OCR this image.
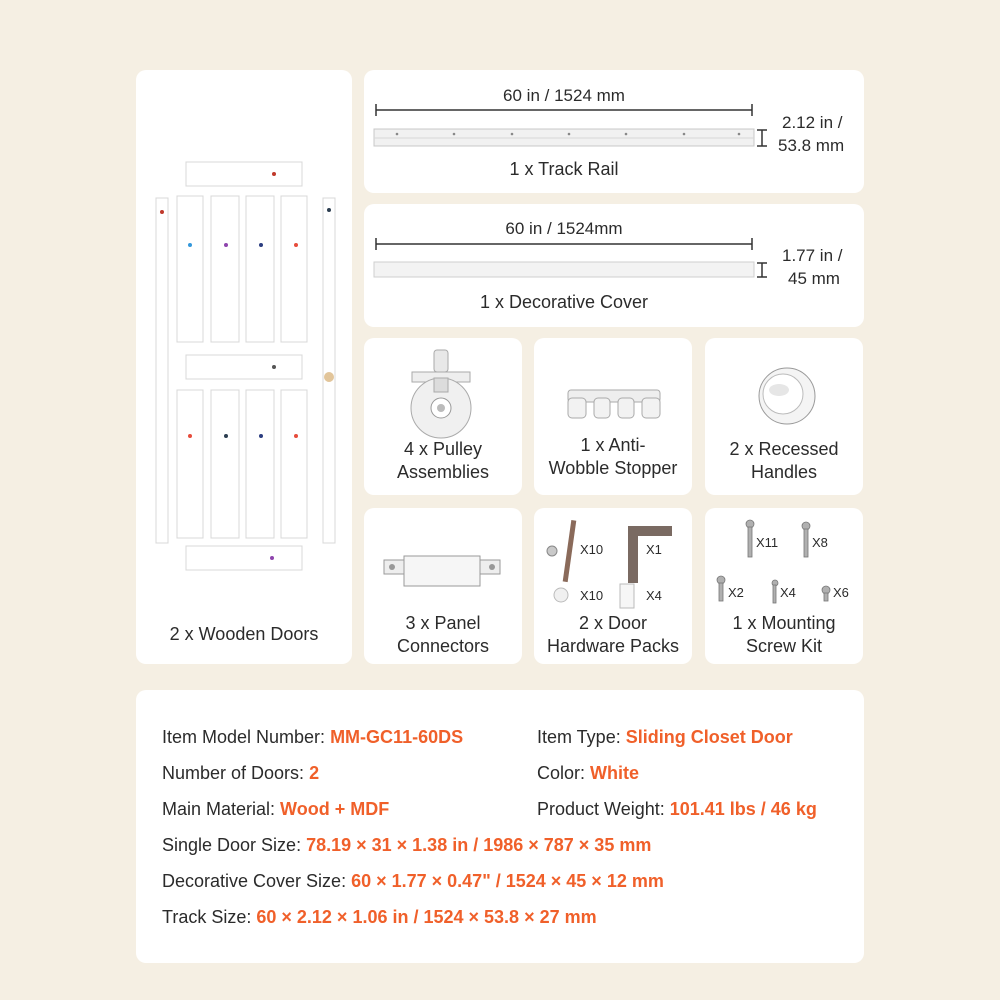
2 x Wooden Doors
60 in / 1524 mm
2.12 in /
53.8 mm
1 x Track Rail
60 in / 1524mm
1.77 in /
45 mm
1 x Decorative Cover
4 x Pulley
Assemblies
1 x Anti-
Wobble Stopper
2 x Recessed
Handles
3 x Panel
Connectors
X10	X1
X10	X4
2 x Door
Hardware Packs
X11	X8
X2	X4	X6
1 x Mounting
Screw Kit
Item Model Number: MM-GC11-60DS	Item Type: Sliding Closet Door
Number of Doors: 2	Color: White
Main Material: Wood + MDF	Product Weight: 101.41 lbs / 46 kg
Single Door Size: 78.19 × 31 × 1.38 in / 1986 × 787 × 35 mm
Decorative Cover Size: 60 × 1.77 × 0.47" / 1524 × 45 × 12 mm
Track Size: 60 × 2.12 × 1.06 in / 1524 × 53.8 × 27 mm
